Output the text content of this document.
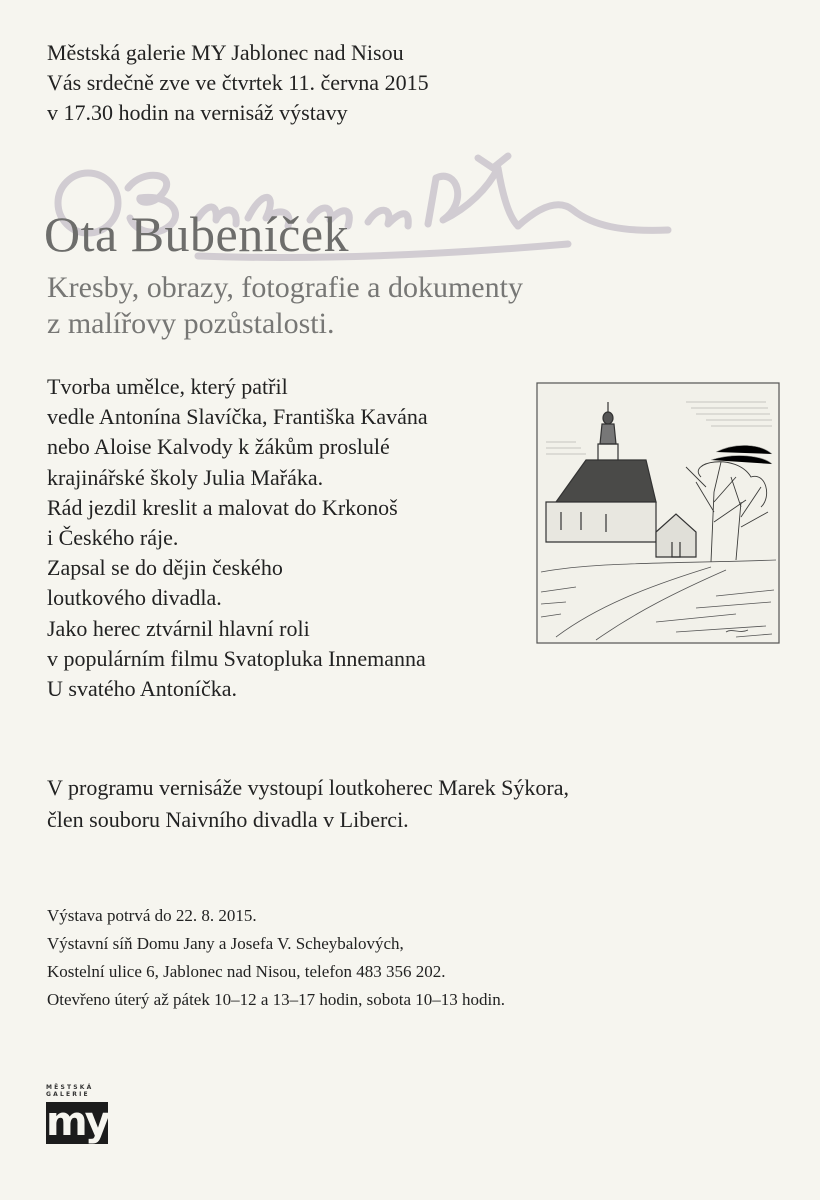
Městská galerie MY Jablonec nad Nisou
Vás srdečně zve ve čtvrtek 11. června 2015
v 17.30 hodin na vernisáž výstavy
Ota Bubeníček
Kresby, obrazy, fotografie a dokumenty
z malířovy pozůstalosti.
Tvorba umělce, který patřil
vedle Antonína Slavíčka, Františka Kavána
nebo Aloise Kalvody k žákům proslulé
krajinářské školy Julia Mařáka.
Rád jezdil kreslit a malovat do Krkonoš
i Českého ráje.
Zapsal se do dějin českého
loutkového divadla.
Jako herec ztvárnil hlavní roli
v populárním filmu Svatopluka Innemanna
U svatého Antoníčka.
V programu vernisáže vystoupí loutkoherec Marek Sýkora,
člen souboru Naivního divadla v Liberci.
Výstava potrvá do 22. 8. 2015.
Výstavní síň Domu Jany a Josefa V. Scheybalových,
Kostelní ulice 6, Jablonec nad Nisou, telefon 483 356 202.
Otevřeno úterý až pátek 10–12 a 13–17 hodin, sobota 10–13 hodin.
MĚSTSKÁ
GALERIE
my
